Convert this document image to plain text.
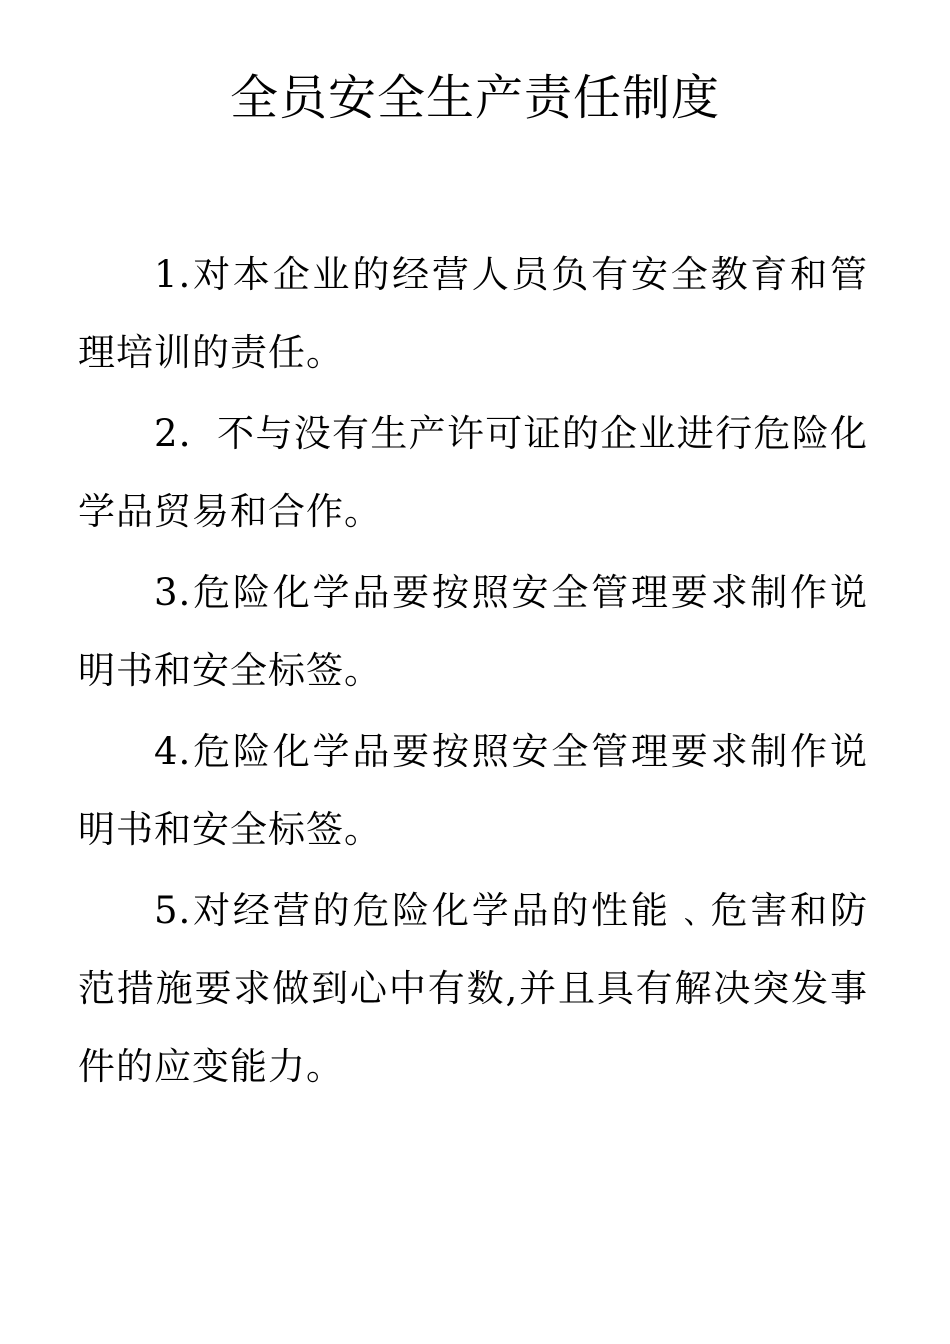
全员安全生产责任制度

1.对本企业的经营人员负有安全教育和管理培训的责任。

2．不与没有生产许可证的企业进行危险化学品贸易和合作。

3.危险化学品要按照安全管理要求制作说明书和安全标签。

4.危险化学品要按照安全管理要求制作说明书和安全标签。

5.对经营的危险化学品的性能﹑危害和防范措施要求做到心中有数,并且具有解决突发事件的应变能力。
